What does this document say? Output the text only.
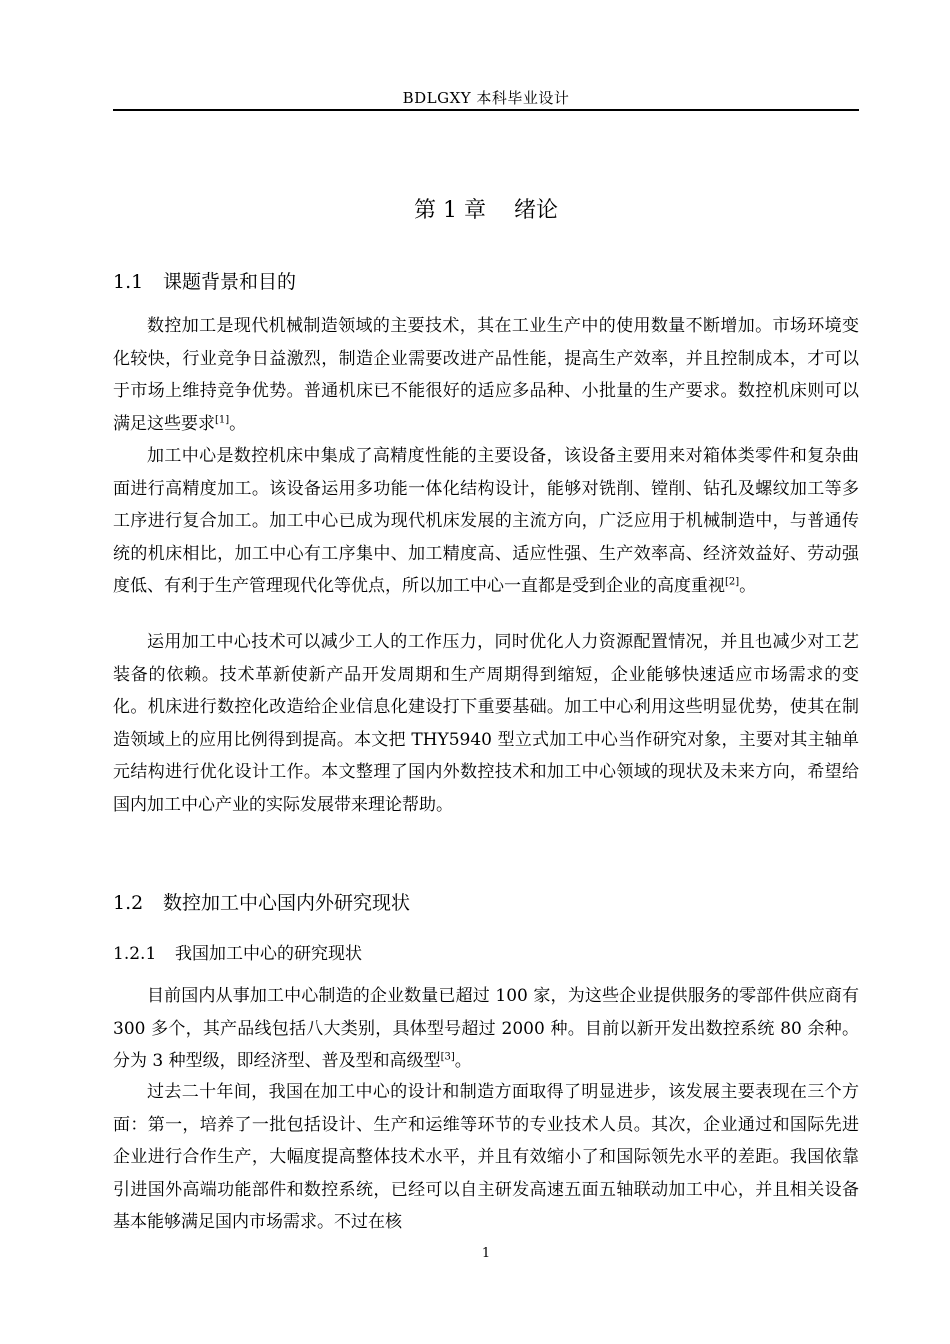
BDLGXY 本科毕业设计
第 1 章 绪论
1.1 课题背景和目的

数控加工是现代机械制造领域的主要技术，其在工业生产中的使用数量不断增加。市场环境变化较快，行业竞争日益激烈，制造企业需要改进产品性能，提高生产效率，并且控制成本，才可以于市场上维持竞争优势。普通机床已不能很好的适应多品种、小批量的生产要求。数控机床则可以满足这些要求[1]。

加工中心是数控机床中集成了高精度性能的主要设备，该设备主要用来对箱体类零件和复杂曲面进行高精度加工。该设备运用多功能一体化结构设计，能够对铣削、镗削、钻孔及螺纹加工等多工序进行复合加工。加工中心已成为现代机床发展的主流方向，广泛应用于机械制造中，与普通传统的机床相比，加工中心有工序集中、加工精度高、适应性强、生产效率高、经济效益好、劳动强度低、有利于生产管理现代化等优点，所以加工中心一直都是受到企业的高度重视[2]。

运用加工中心技术可以减少工人的工作压力，同时优化人力资源配置情况，并且也减少对工艺装备的依赖。技术革新使新产品开发周期和生产周期得到缩短，企业能够快速适应市场需求的变化。机床进行数控化改造给企业信息化建设打下重要基础。加工中心利用这些明显优势，使其在制造领域上的应用比例得到提高。本文把 THY5940 型立式加工中心当作研究对象，主要对其主轴单元结构进行优化设计工作。本文整理了国内外数控技术和加工中心领域的现状及未来方向，希望给国内加工中心产业的实际发展带来理论帮助。

1.2 数控加工中心国内外研究现状
1.2.1 我国加工中心的研究现状

目前国内从事加工中心制造的企业数量已超过 100 家，为这些企业提供服务的零部件供应商有 300 多个，其产品线包括八大类别，具体型号超过 2000 种。目前以新开发出数控系统 80 余种。分为 3 种型级，即经济型、普及型和高级型[3]。

过去二十年间，我国在加工中心的设计和制造方面取得了明显进步，该发展主要表现在三个方面：第一，培养了一批包括设计、生产和运维等环节的专业技术人员。其次，企业通过和国际先进企业进行合作生产，大幅度提高整体技术水平，并且有效缩小了和国际领先水平的差距。我国依靠引进国外高端功能部件和数控系统，已经可以自主研发高速五面五轴联动加工中心，并且相关设备基本能够满足国内市场需求。不过在核

1
